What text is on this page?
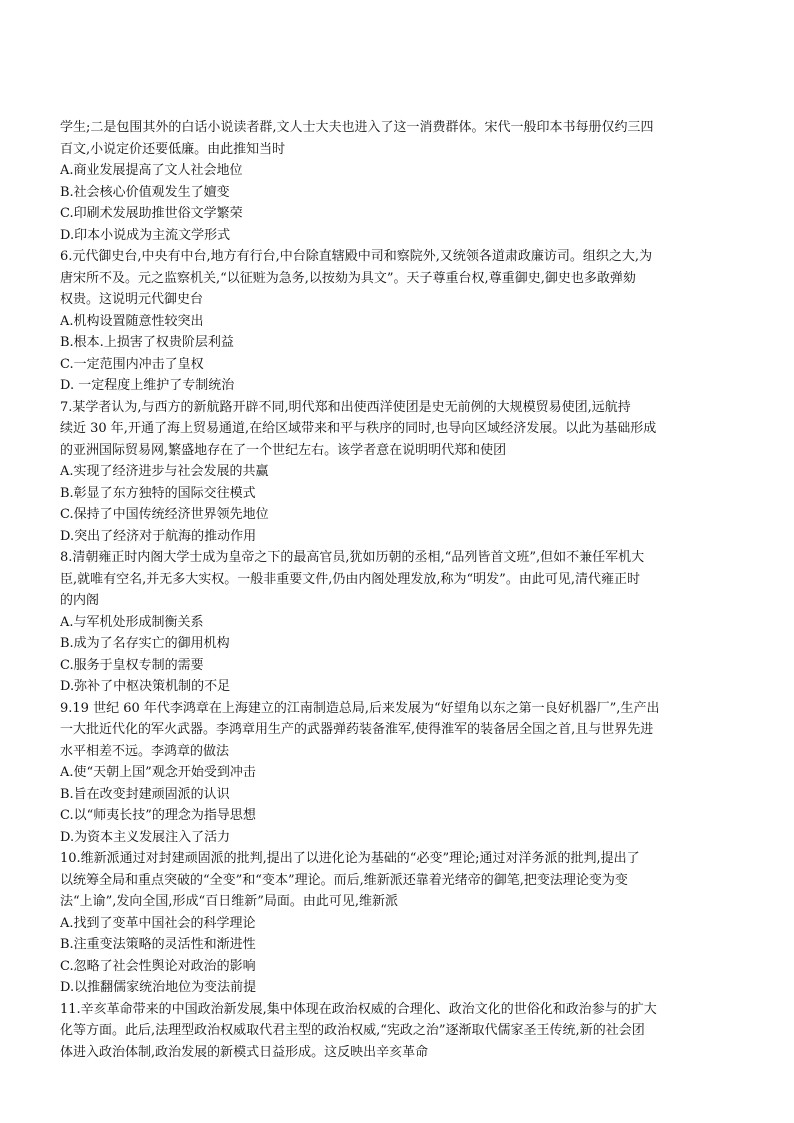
学生;二是包围其外的白话小说读者群,文人士大夫也进入了这一消费群体。宋代一般印本书每册仅约三四
百文,小说定价还要低廉。由此推知当时
A.商业发展提高了文人社会地位
B.社会核心价值观发生了嬗变
C.印刷术发展助推世俗文学繁荣
D.印本小说成为主流文学形式
6.元代御史台,中央有中台,地方有行台,中台除直辖殿中司和察院外,又统领各道肃政廉访司。组织之大,为
唐宋所不及。元之监察机关,“以征赃为急务,以按劾为具文”。天子尊重台权,尊重御史,御史也多敢弹劾
权贵。这说明元代御史台
A.机构设置随意性较突出
B.根本.上损害了权贵阶层利益
C.一定范围内冲击了皇权
D. 一定程度上维护了专制统治
7.某学者认为,与西方的新航路开辟不同,明代郑和出使西洋使团是史无前例的大规模贸易使团,远航持
续近 30 年,开通了海上贸易通道,在给区域带来和平与秩序的同时,也导向区域经济发展。以此为基础形成
的亚洲国际贸易网,繁盛地存在了一个世纪左右。该学者意在说明明代郑和使团
A.实现了经济进步与社会发展的共赢
B.彰显了东方独特的国际交往模式
C.保持了中国传统经济世界领先地位
D.突出了经济对于航海的推动作用
8.清朝雍正时内阁大学士成为皇帝之下的最高官员,犹如历朝的丞相,“品列皆首文班”,但如不兼任军机大
臣,就唯有空名,并无多大实权。一般非重要文件,仍由内阁处理发放,称为“明发”。由此可见,清代雍正时
的内阁
A.与军机处形成制衡关系
B.成为了名存实亡的御用机构
C.服务于皇权专制的需要
D.弥补了中枢决策机制的不足
9.19 世纪 60 年代李鸿章在上海建立的江南制造总局,后来发展为“好望角以东之第一良好机器厂”,生产出
一大批近代化的军火武器。李鸿章用生产的武器弹药装备淮军,使得淮军的装备居全国之首,且与世界先进
水平相差不远。李鸿章的做法
A.使“天朝上国”观念开始受到冲击
B.旨在改变封建顽固派的认识
C.以“师夷长技”的理念为指导思想
D.为资本主义发展注入了活力
10.维新派通过对封建顽固派的批判,提出了以进化论为基础的“必变”理论;通过对洋务派的批判,提出了
以统筹全局和重点突破的“全变”和“变本”理论。而后,维新派还靠着光绪帝的御笔,把变法理论变为变
法“上谕”,发向全国,形成“百日维新”局面。由此可见,维新派
A.找到了变革中国社会的科学理论
B.注重变法策略的灵活性和渐进性
C.忽略了社会性舆论对政治的影响
D.以推翻儒家统治地位为变法前提
11.辛亥革命带来的中国政治新发展,集中体现在政治权威的合理化、政治文化的世俗化和政治参与的扩大
化等方面。此后,法理型政治权威取代君主型的政治权威,“宪政之治”逐渐取代儒家圣王传统,新的社会团
体进入政治体制,政治发展的新模式日益形成。这反映出辛亥革命
